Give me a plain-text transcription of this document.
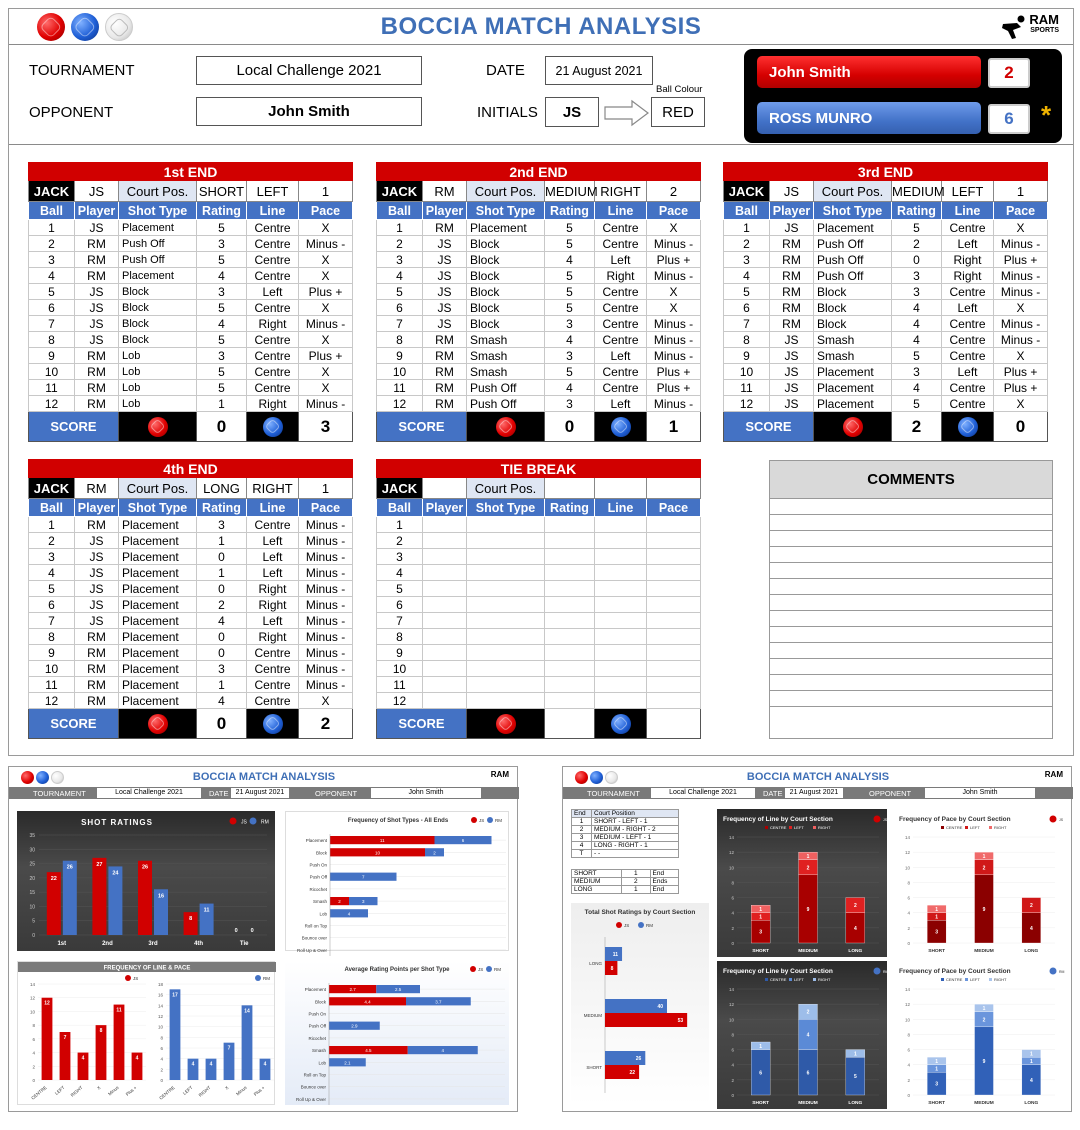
BOCCIA MATCH ANALYSIS	RAM
SPORTS
TOURNAMENT	Local Challenge 2021
OPPONENT	John Smith
DATE	21 August 2021
INITIALS	JS
Ball Colour
RED
John Smith	2
ROSS MUNRO	6	*
1st END					
JACK	JS	Court Pos.	SHORT	LEFT	1
Ball	Player	Shot Type	Rating	Line	Pace
1	JS	Placement	5	Centre	X
2	RM	Push Off	3	Centre	Minus -
3	RM	Push Off	5	Centre	X
4	RM	Placement	4	Centre	X
5	JS	Block	3	Left	Plus +
6	JS	Block	5	Centre	X
7	JS	Block	4	Right	Minus -
8	JS	Block	5	Centre	X
9	RM	Lob	3	Centre	Plus +
10	RM	Lob	5	Centre	X
11	RM	Lob	5	Centre	X
12	RM	Lob	1	Right	Minus -
SCORE			0		3
2nd END					
JACK	RM	Court Pos.	MEDIUM	RIGHT	2
Ball	Player	Shot Type	Rating	Line	Pace
1	RM	Placement	5	Centre	X
2	JS	Block	5	Centre	Minus -
3	JS	Block	4	Left	Plus +
4	JS	Block	5	Right	Minus -
5	JS	Block	5	Centre	X
6	JS	Block	5	Centre	X
7	JS	Block	3	Centre	Minus -
8	RM	Smash	4	Centre	Minus -
9	RM	Smash	3	Left	Minus -
10	RM	Smash	5	Centre	Plus +
11	RM	Push Off	4	Centre	Plus +
12	RM	Push Off	3	Left	Minus -
SCORE			0		1
3rd END					
JACK	JS	Court Pos.	MEDIUM	LEFT	1
Ball	Player	Shot Type	Rating	Line	Pace
1	JS	Placement	5	Centre	X
2	RM	Push Off	2	Left	Minus -
3	RM	Push Off	0	Right	Plus +
4	RM	Push Off	3	Right	Minus -
5	RM	Block	3	Centre	Minus -
6	RM	Block	4	Left	X
7	RM	Block	4	Centre	Minus -
8	JS	Smash	4	Centre	Minus -
9	JS	Smash	5	Centre	X
10	JS	Placement	3	Left	Plus +
11	JS	Placement	4	Centre	Plus +
12	JS	Placement	5	Centre	X
SCORE			2		0
4th END					
JACK	RM	Court Pos.	LONG	RIGHT	1
Ball	Player	Shot Type	Rating	Line	Pace
1	RM	Placement	3	Centre	Minus -
2	JS	Placement	1	Left	Minus -
3	JS	Placement	0	Left	Minus -
4	JS	Placement	1	Left	Minus -
5	JS	Placement	0	Right	Minus -
6	JS	Placement	2	Right	Minus -
7	JS	Placement	4	Left	Minus -
8	RM	Placement	0	Right	Minus -
9	RM	Placement	0	Centre	Minus -
10	RM	Placement	3	Centre	Minus -
11	RM	Placement	1	Centre	Minus -
12	RM	Placement	4	Centre	X
SCORE			0		2
TIE BREAK					
JACK		Court Pos.			
Ball	Player	Shot Type	Rating	Line	Pace
1					
2					
3					
4					
5					
6					
7					
8					
9					
10					
11					
12					
SCORE		

COMMENTS
BOCCIA MATCH ANALYSIS	RAM
TOURNAMENT	Local Challenge 2021	DATE	21 August 2021	OPPONENT	John Smith
SHOT RATINGS	JS	RM
0
5
10
15
20
25
30
35
22
26
1st
27
24
2nd
26
16
3rd
8
11
4th
0 0
Tie
Frequency of Shot Types - All Ends	JS RM
Placement	11	6
Block	10	2
Push On
Push Off	7
Ricochet
Smash 2	3
Lob	4
Roll on Top
Bounce over
Roll Up & Over
FREQUENCY OF LINE & PACE
JS
0
2
4
6
8
10
12
14
12
CENTRE
7
LEFT
4
RIGHT
8
X
11
Minus
4
Plus +
RM
0
2
4
6
8
10
12
14
16
18
17
CENTRE
4
LEFT
4
RIGHT
7
X
14
Minus
4
Plus +
Average Rating Points per Shot Type	JS RM
Placement	2.7	2.5
Block	4.4	3.7
Push On
Push Off	2.9
Ricochet
Smash	4.5	4
Lob	2.1
Roll on Top
Bounce over
Roll Up & Over
BOCCIA MATCH ANALYSIS	RAM
TOURNAMENT	Local Challenge 2021	DATE	21 August 2021	OPPONENT	John Smith
End	Court Position
1	SHORT - LEFT - 1
2	MEDIUM - RIGHT - 2
3	MEDIUM - LEFT - 1
4	LONG - RIGHT - 1
T	- -
SHORT	1	End
MEDIUM	2	Ends
LONG	1	End
Total Shot Ratings by Court Section
JS	RM
LONG
11
8
MEDIUM
40
53
SHORT
26
22
Frequency of Line by Court Section	JS
CENTRE LEFT	RIGHT
0
2
4
6
8
10
12
14
3
1
1
SHORT
9
2
1
MEDIUM
4
2
LONG
Frequency of Pace by Court Section	JS
CENTRE LEFT	RIGHT
0
2
4
6
8
10
12
14
3
1
1
SHORT
9
2
1
MEDIUM
4
2
LONG
Frequency of Line by Court Section	RM
CENTRE LEFT	RIGHT
0
2
4
6
8
10
12
14
6
1
SHORT
6
4
2
MEDIUM
5
1
LONG
Frequency of Pace by Court Section	RM
CENTRE LEFT	RIGHT
0
2
4
6
8
10
12
14
3
1
1
SHORT
9
2
1
MEDIUM
4
1
1
LONG
